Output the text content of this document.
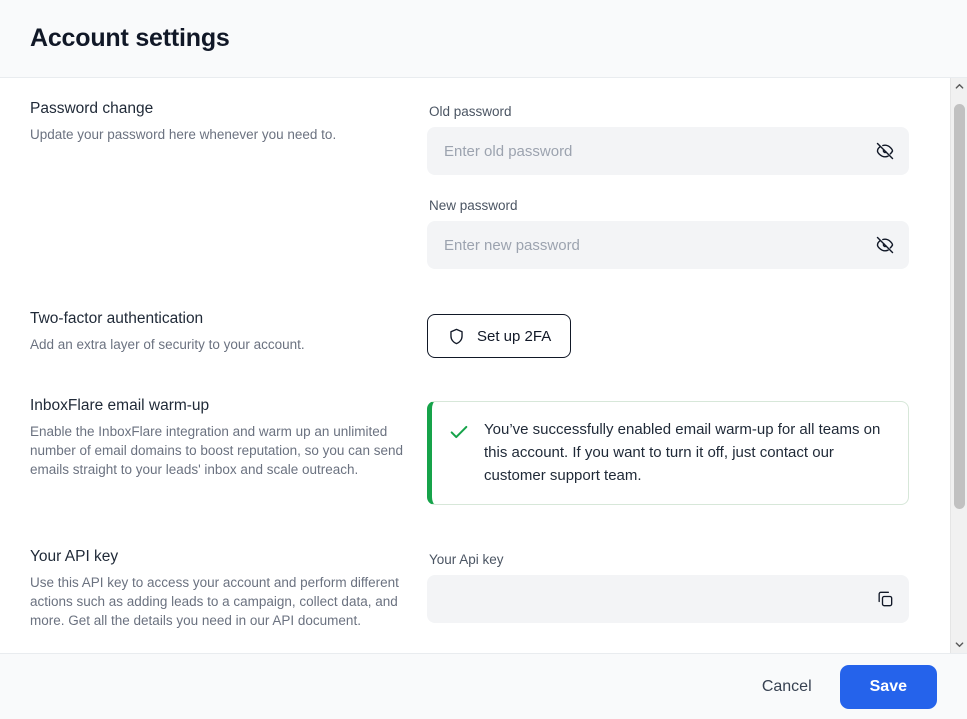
Account settings
Password change

Update your password here whenever you need to.

Old password
New password
Two-factor authentication

Add an extra layer of security to your account.	Set up 2FA
InboxFlare email warm-up

Enable the InboxFlare integration and warm up an unlimited number of email domains to boost reputation, so you can send emails straight to your leads' inbox and scale outreach.

You’ve successfully enabled email warm-up for all teams on this account. If you want to turn it off, just contact our customer support team.
Your API key

Use this API key to access your account and perform different actions such as adding leads to a campaign, collect data, and more. Get all the details you need in our API document.

Your Api key
Cancel	Save
